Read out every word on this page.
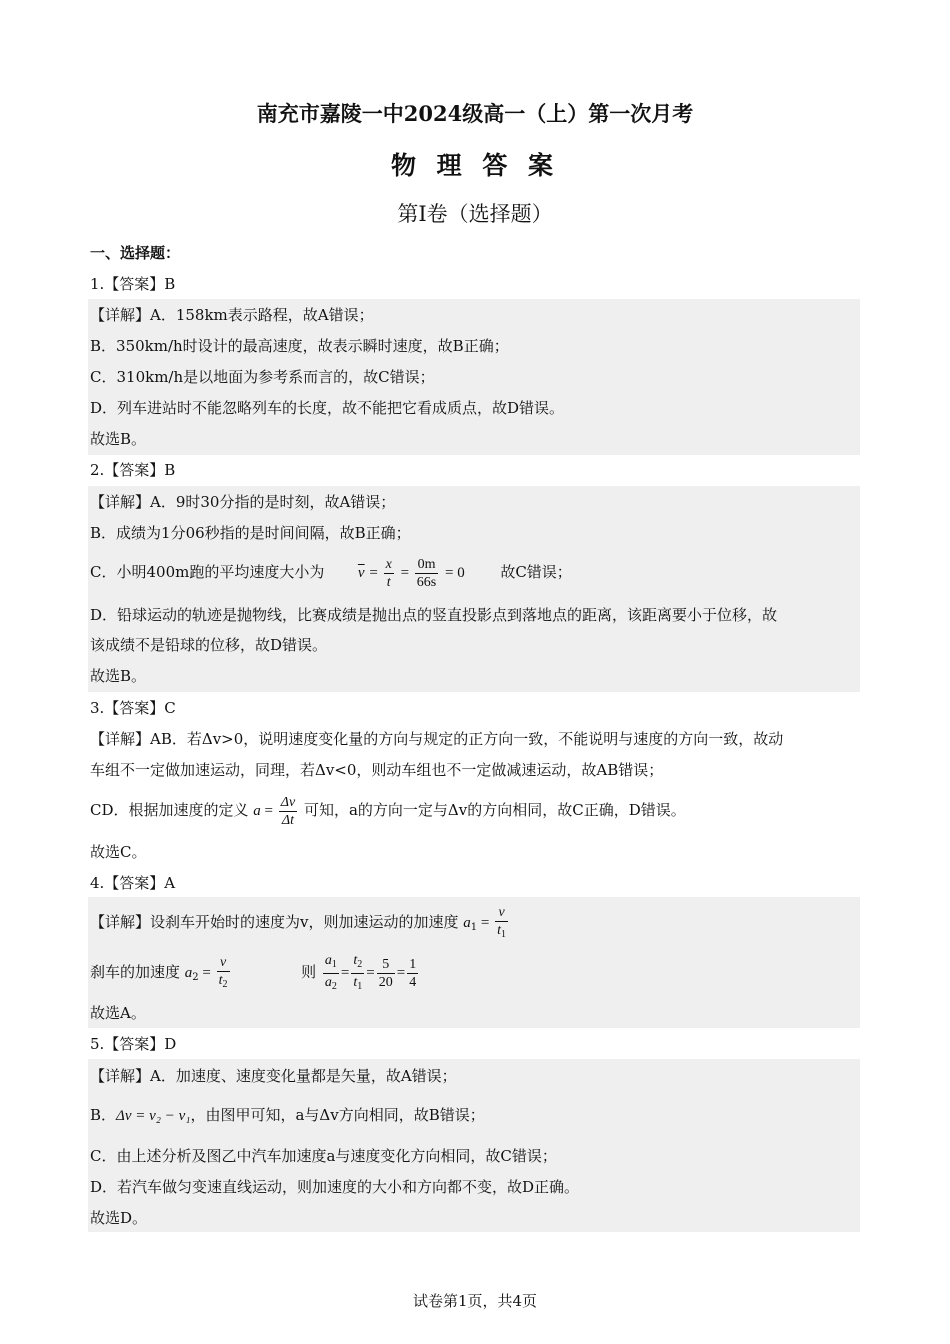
南充市嘉陵一中2024级高一（上）第一次月考
物 理 答 案
第Ⅰ卷（选择题）
一、选择题：
1.【答案】B
【详解】A．158km表示路程，故A错误；
B．350km/h时设计的最高速度，故表示瞬时速度，故B正确；
C．310km/h是以地面为参考系而言的，故C错误；
D．列车进站时不能忽略列车的长度，故不能把它看成质点，故D错误。
故选B。
2.【答案】B
【详解】A．9时30分指的是时刻，故A错误；
B．成绩为1分06秒指的是时间间隔，故B正确；
C．小明400m跑的平均速度大小为 $\overline{v} = \frac{x}{t} = \frac{0m}{66s} = 0$ 故C错误；
D．铅球运动的轨迹是抛物线，比赛成绩是抛出点的竖直投影点到落地点的距离，该距离要小于位移，故
该成绩不是铅球的位移，故D错误。
故选B。
3.【答案】C
【详解】AB．若Δv>0，说明速度变化量的方向与规定的正方向一致，不能说明与速度的方向一致，故动
车组不一定做加速运动，同理，若Δv<0，则动车组也不一定做减速运动，故AB错误；
CD．根据加速度的定义 $a = \frac{\Delta v}{\Delta t}$ 可知，a的方向一定与Δv的方向相同，故C正确，D错误。
故选C。
4.【答案】A
【详解】设刹车开始时的速度为v，则加速运动的加速度 $a_1 = \frac{v}{t_1}$
刹车的加速度 $a_2 = \frac{v}{t_2}$	则 $\frac{a_1}{a_2} = \frac{t_2}{t_1} = \frac{5}{20} = \frac{1}{4}$
故选A。
5.【答案】D
【详解】A．加速度、速度变化量都是矢量，故A错误；
B．Δv = v₂ − v₁，由图甲可知，a与Δv方向相同，故B错误；
C．由上述分析及图乙中汽车加速度a与速度变化方向相同，故C错误；
D．若汽车做匀变速直线运动，则加速度的大小和方向都不变，故D正确。
故选D。
试卷第1页，共4页
